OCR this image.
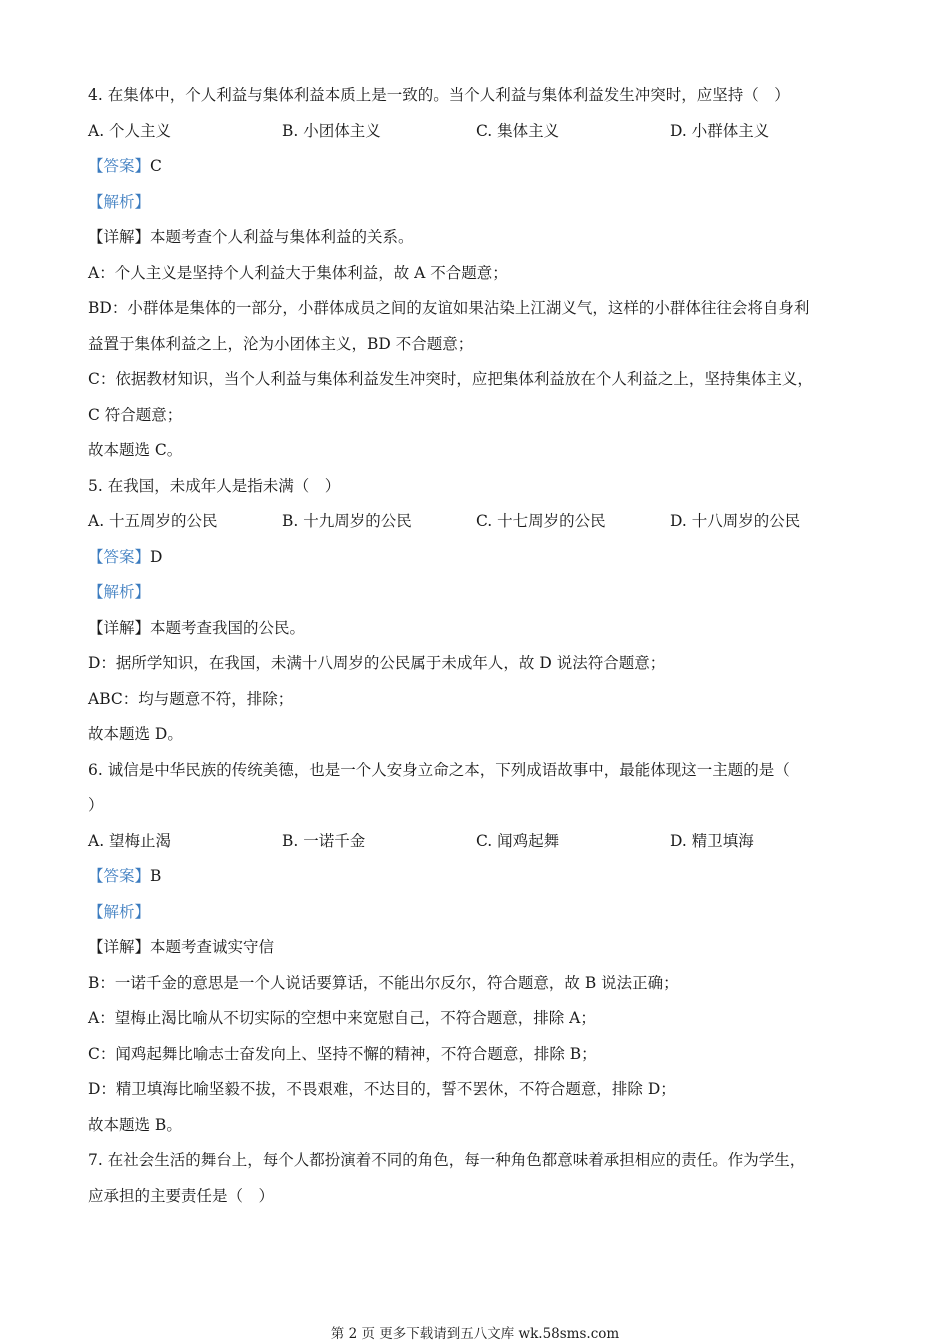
4. 在集体中，个人利益与集体利益本质上是一致的。当个人利益与集体利益发生冲突时，应坚持（　）
A. 个人主义	B. 小团体主义	C. 集体主义	D. 小群体主义
【答案】C
【解析】
【详解】本题考查个人利益与集体利益的关系。
A：个人主义是坚持个人利益大于集体利益，故 A 不合题意；
BD：小群体是集体的一部分，小群体成员之间的友谊如果沾染上江湖义气，这样的小群体往往会将自身利
益置于集体利益之上，沦为小团体主义，BD 不合题意；
C：依据教材知识，当个人利益与集体利益发生冲突时，应把集体利益放在个人利益之上，坚持集体主义，
C 符合题意；
故本题选 C。
5. 在我国，未成年人是指未满（　）
A. 十五周岁的公民	B. 十九周岁的公民	C. 十七周岁的公民	D. 十八周岁的公民
【答案】D
【解析】
【详解】本题考查我国的公民。
D：据所学知识，在我国，未满十八周岁的公民属于未成年人，故 D 说法符合题意；
ABC：均与题意不符，排除；
故本题选 D。
6. 诚信是中华民族的传统美德，也是一个人安身立命之本，下列成语故事中，最能体现这一主题的是（
）
A. 望梅止渴	B. 一诺千金	C. 闻鸡起舞	D. 精卫填海
【答案】B
【解析】
【详解】本题考查诚实守信
B：一诺千金的意思是一个人说话要算话，不能出尔反尔，符合题意，故 B 说法正确；
A：望梅止渴比喻从不切实际的空想中来宽慰自己，不符合题意，排除 A；
C：闻鸡起舞比喻志士奋发向上、坚持不懈的精神，不符合题意，排除 B；
D：精卫填海比喻坚毅不拔，不畏艰难，不达目的，誓不罢休，不符合题意，排除 D；
故本题选 B。
7. 在社会生活的舞台上，每个人都扮演着不同的角色，每一种角色都意味着承担相应的责任。作为学生，
应承担的主要责任是（　）
第 2 页 更多下载请到五八文库 wk.58sms.com
